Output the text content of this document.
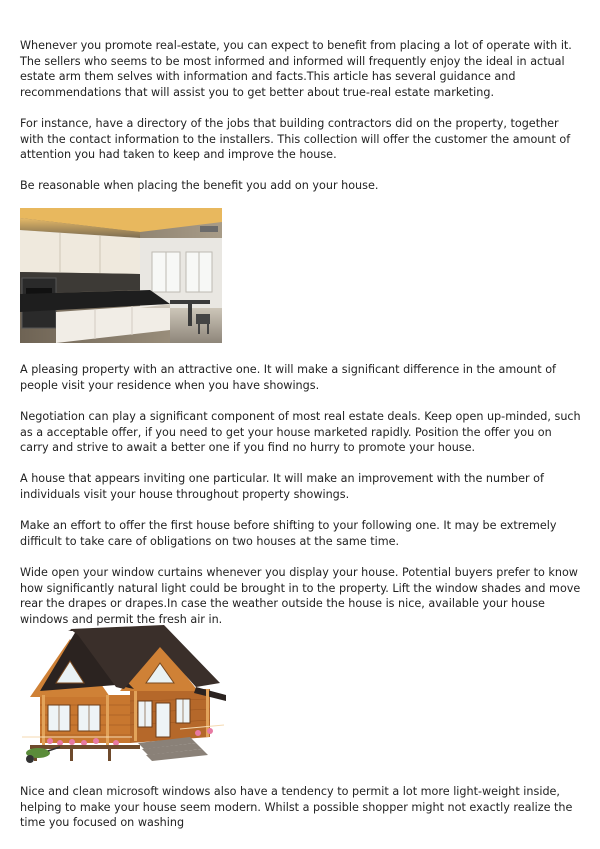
Whenever you promote real-estate, you can expect to benefit from placing a lot of operate with it. The sellers who seems to be most informed and informed will frequently enjoy the ideal in actual estate arm them selves with information and facts.This article has several guidance and recommendations that will assist you to get better about true-real estate marketing.

For instance, have a directory of the jobs that building contractors did on the property, together with the contact information to the installers. This collection will offer the customer the amount of attention you had taken to keep and improve the house.

Be reasonable when placing the benefit you add on your house.

A pleasing property with an attractive one. It will make a significant difference in the amount of people visit your residence when you have showings.

Negotiation can play a significant component of most real estate deals. Keep open up-minded, such as a acceptable offer, if you need to get your house marketed rapidly. Position the offer you on carry and strive to await a better one if you find no hurry to promote your house.

A house that appears inviting one particular. It will make an improvement with the number of individuals visit your house throughout property showings.

Make an effort to offer the first house before shifting to your following one. It may be extremely difficult to take care of obligations on two houses at the same time.

Wide open your window curtains whenever you display your house. Potential buyers prefer to know how significantly natural light could be brought in to the property. Lift the window shades and move rear the drapes or drapes.In case the weather outside the house is nice, available your house windows and permit the fresh air in.

Nice and clean microsoft windows also have a tendency to permit a lot more light-weight inside, helping to make your house seem modern. Whilst a possible shopper might not exactly realize the time you focused on washing
